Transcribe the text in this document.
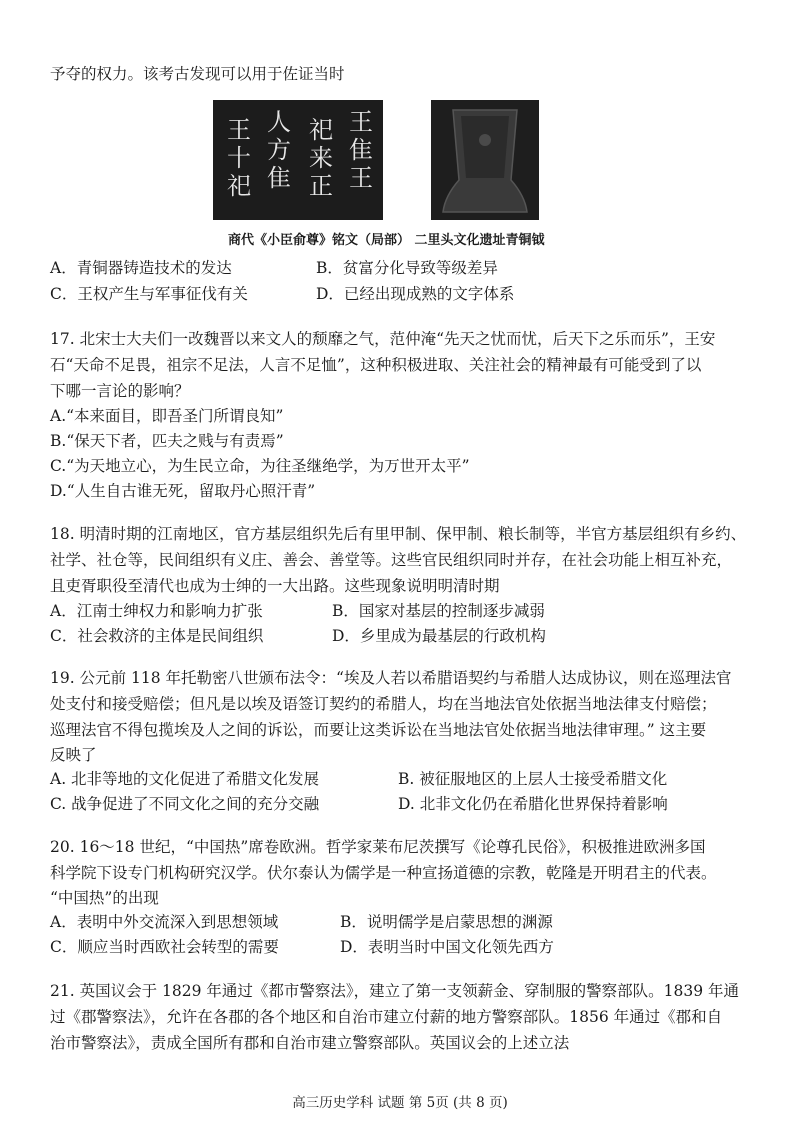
予夺的权力。该考古发现可以用于佐证当时
王
隹
王
祀
来
正
人
方
隹
王
十
祀
商代《小臣俞尊》铭文（局部） 二里头文化遗址青铜钺
A．青铜器铸造技术的发达	B．贫富分化导致等级差异
C．王权产生与军事征伐有关	D．已经出现成熟的文字体系
17. 北宋士大夫们一改魏晋以来文人的颓靡之气，范仲淹“先天之忧而忧，后天下之乐而乐”，王安
石“天命不足畏，祖宗不足法，人言不足恤”，这种积极进取、关注社会的精神最有可能受到了以
下哪一言论的影响？
A.“本来面目，即吾圣门所谓良知”
B.“保天下者，匹夫之贱与有责焉”
C.“为天地立心，为生民立命，为往圣继绝学，为万世开太平”
D.“人生自古谁无死，留取丹心照汗青”
18. 明清时期的江南地区，官方基层组织先后有里甲制、保甲制、粮长制等，半官方基层组织有乡约、
社学、社仓等，民间组织有义庄、善会、善堂等。这些官民组织同时并存，在社会功能上相互补充，
且吏胥职役至清代也成为士绅的一大出路。这些现象说明明清时期
A．江南士绅权力和影响力扩张	B．国家对基层的控制逐步减弱
C．社会救济的主体是民间组织	D．乡里成为最基层的行政机构
19. 公元前 118 年托勒密八世颁布法令：“埃及人若以希腊语契约与希腊人达成协议，则在巡理法官
处支付和接受赔偿；但凡是以埃及语签订契约的希腊人，均在当地法官处依据当地法律支付赔偿；
巡理法官不得包揽埃及人之间的诉讼，而要让这类诉讼在当地法官处依据当地法律审理。” 这主要
反映了
A. 北非等地的文化促进了希腊文化发展	B. 被征服地区的上层人士接受希腊文化
C. 战争促进了不同文化之间的充分交融	D. 北非文化仍在希腊化世界保持着影响
20. 16～18 世纪，“中国热”席卷欧洲。哲学家莱布尼茨撰写《论尊孔民俗》，积极推进欧洲多国
科学院下设专门机构研究汉学。伏尔泰认为儒学是一种宣扬道德的宗教，乾隆是开明君主的代表。
“中国热”的出现
A．表明中外交流深入到思想领域	B．说明儒学是启蒙思想的渊源
C．顺应当时西欧社会转型的需要	D．表明当时中国文化领先西方
21. 英国议会于 1829 年通过《都市警察法》，建立了第一支领薪金、穿制服的警察部队。1839 年通
过《郡警察法》，允许在各郡的各个地区和自治市建立付薪的地方警察部队。1856 年通过《郡和自
治市警察法》，责成全国所有郡和自治市建立警察部队。英国议会的上述立法
高三历史学科 试题 第 5页 (共 8 页)
